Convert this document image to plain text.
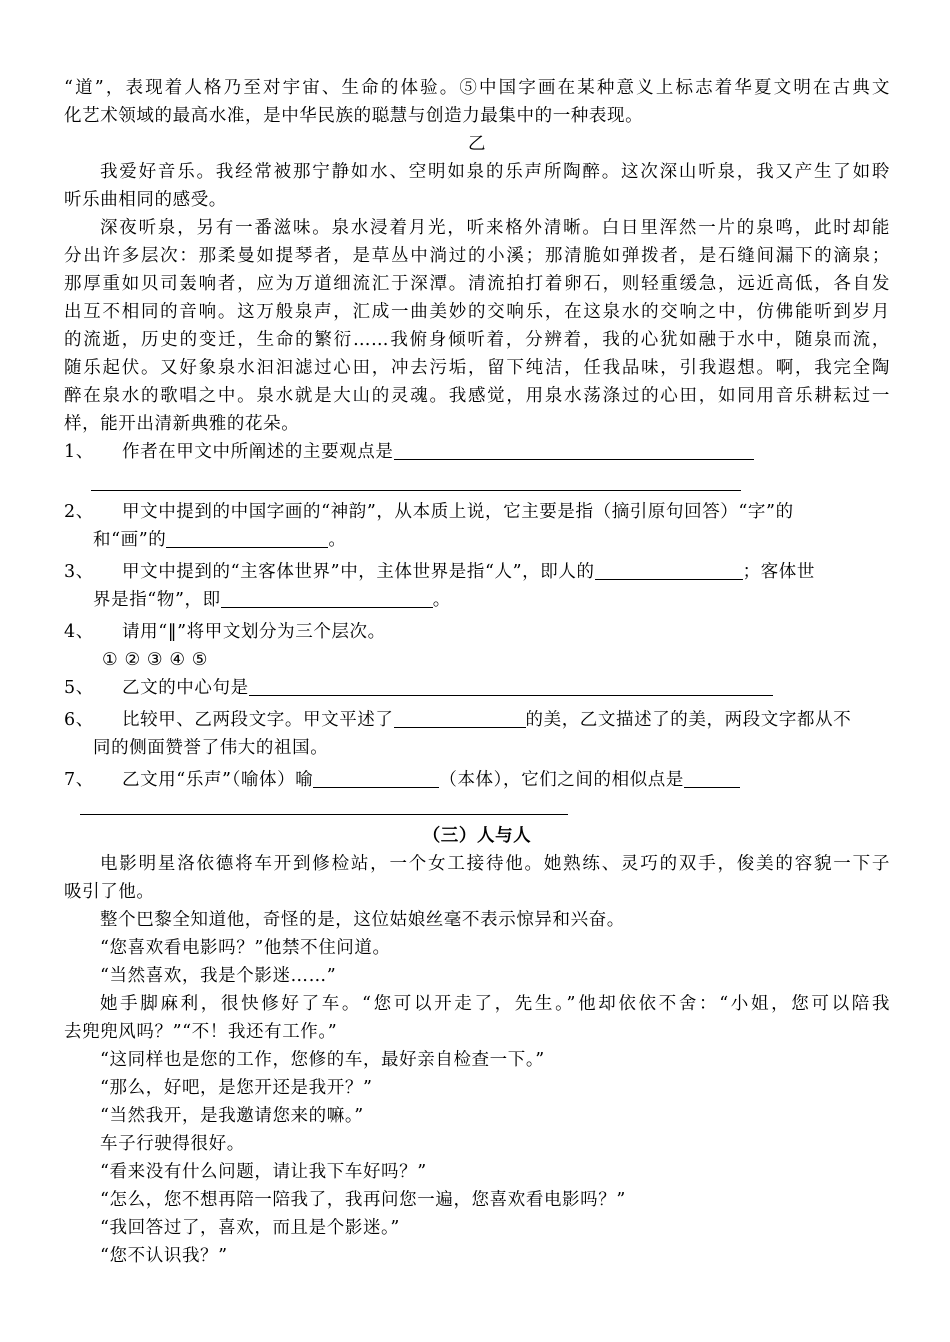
“道”，表现着人格乃至对宇宙、生命的体验。⑤中国字画在某种意义上标志着华夏文明在古典文
化艺术领域的最高水准，是中华民族的聪慧与创造力最集中的一种表现。
乙
我爱好音乐。我经常被那宁静如水、空明如泉的乐声所陶醉。这次深山听泉，我又产生了如聆
听乐曲相同的感受。
深夜听泉，另有一番滋味。泉水浸着月光，听来格外清晰。白日里浑然一片的泉鸣，此时却能
分出许多层次：那柔曼如提琴者，是草丛中淌过的小溪；那清脆如弹拨者，是石缝间漏下的滴泉；
那厚重如贝司轰响者，应为万道细流汇于深潭。清流拍打着卵石，则轻重缓急，远近高低，各自发
出互不相同的音响。这万般泉声，汇成一曲美妙的交响乐，在这泉水的交响之中，仿佛能听到岁月
的流逝，历史的变迁，生命的繁衍……我俯身倾听着，分辨着，我的心犹如融于水中，随泉而流，
随乐起伏。又好象泉水汩汩滤过心田，冲去污垢，留下纯洁，任我品味，引我遐想。啊，我完全陶
醉在泉水的歌唱之中。泉水就是大山的灵魂。我感觉，用泉水荡涤过的心田，如同用音乐耕耘过一
样，能开出清新典雅的花朵。
1、 作者在甲文中所阐述的主要观点是
2、 甲文中提到的中国字画的“神韵”，从本质上说，它主要是指（摘引原句回答）“字”的
和“画”的	。
3、 甲文中提到的“主客体世界”中，主体世界是指“人”，即人的	；客体世
界是指“物”，即	。
4、 请用“‖”将甲文划分为三个层次。
① ② ③ ④ ⑤
5、 乙文的中心句是
6、 比较甲、乙两段文字。甲文平述了	的美，乙文描述了的美，两段文字都从不
同的侧面赞誉了伟大的祖国。
7、 乙文用“乐声”（喻体）喻	（本体），它们之间的相似点是
（三）人与人
电影明星洛依德将车开到修检站，一个女工接待他。她熟练、灵巧的双手，俊美的容貌一下子
吸引了他。
整个巴黎全知道他，奇怪的是，这位姑娘丝毫不表示惊异和兴奋。
“您喜欢看电影吗？”他禁不住问道。
“当然喜欢，我是个影迷……”
她手脚麻利，很快修好了车。“您可以开走了，先生。”他却依依不舍：“小姐，您可以陪我
去兜兜风吗？”“不！我还有工作。”
“这同样也是您的工作，您修的车，最好亲自检查一下。”
“那么，好吧，是您开还是我开？”
“当然我开，是我邀请您来的嘛。”
车子行驶得很好。
“看来没有什么问题，请让我下车好吗？”
“怎么，您不想再陪一陪我了，我再问您一遍，您喜欢看电影吗？”
“我回答过了，喜欢，而且是个影迷。”
“您不认识我？”
